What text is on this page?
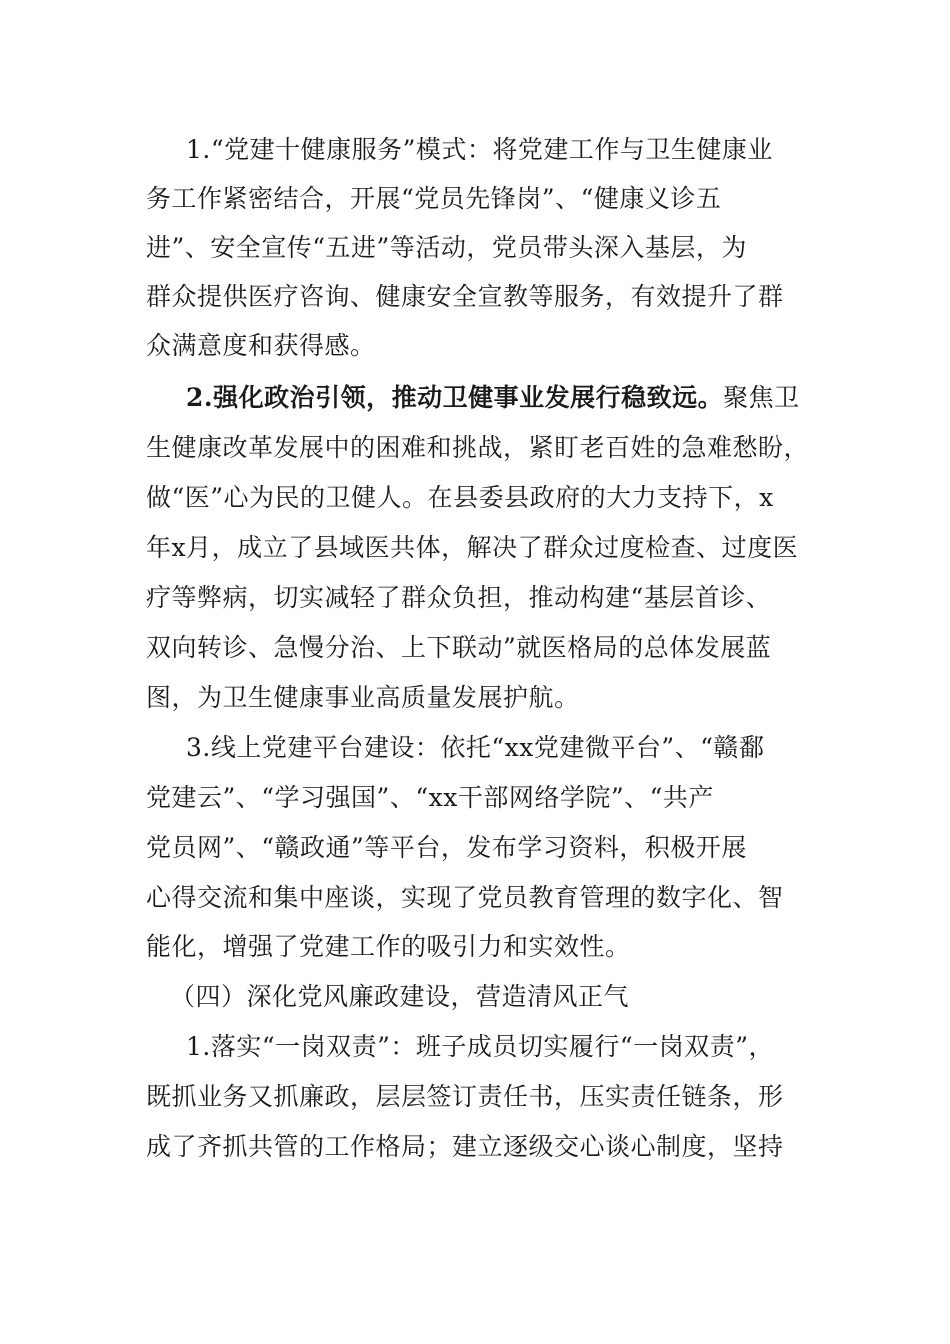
1.“党建十健康服务”模式：将党建工作与卫生健康业
务工作紧密结合，开展“党员先锋岗”、“健康义诊五
进”、安全宣传“五进”等活动，党员带头深入基层，为
群众提供医疗咨询、健康安全宣教等服务，有效提升了群
众满意度和获得感。
2.强化政治引领，推动卫健事业发展行稳致远。聚焦卫
生健康改革发展中的困难和挑战，紧盯老百姓的急难愁盼，
做“医”心为民的卫健人。在县委县政府的大力支持下，x
年x月，成立了县域医共体，解决了群众过度检查、过度医
疗等弊病，切实减轻了群众负担，推动构建“基层首诊、
双向转诊、急慢分治、上下联动”就医格局的总体发展蓝
图，为卫生健康事业高质量发展护航。
3.线上党建平台建设：依托“xx党建微平台”、“赣鄱
党建云”、“学习强国”、“xx干部网络学院”、“共产
党员网”、“赣政通”等平台，发布学习资料，积极开展
心得交流和集中座谈，实现了党员教育管理的数字化、智
能化，增强了党建工作的吸引力和实效性。
（四）深化党风廉政建设，营造清风正气
1.落实“一岗双责”：班子成员切实履行“一岗双责”，
既抓业务又抓廉政，层层签订责任书，压实责任链条，形
成了齐抓共管的工作格局；建立逐级交心谈心制度，坚持
